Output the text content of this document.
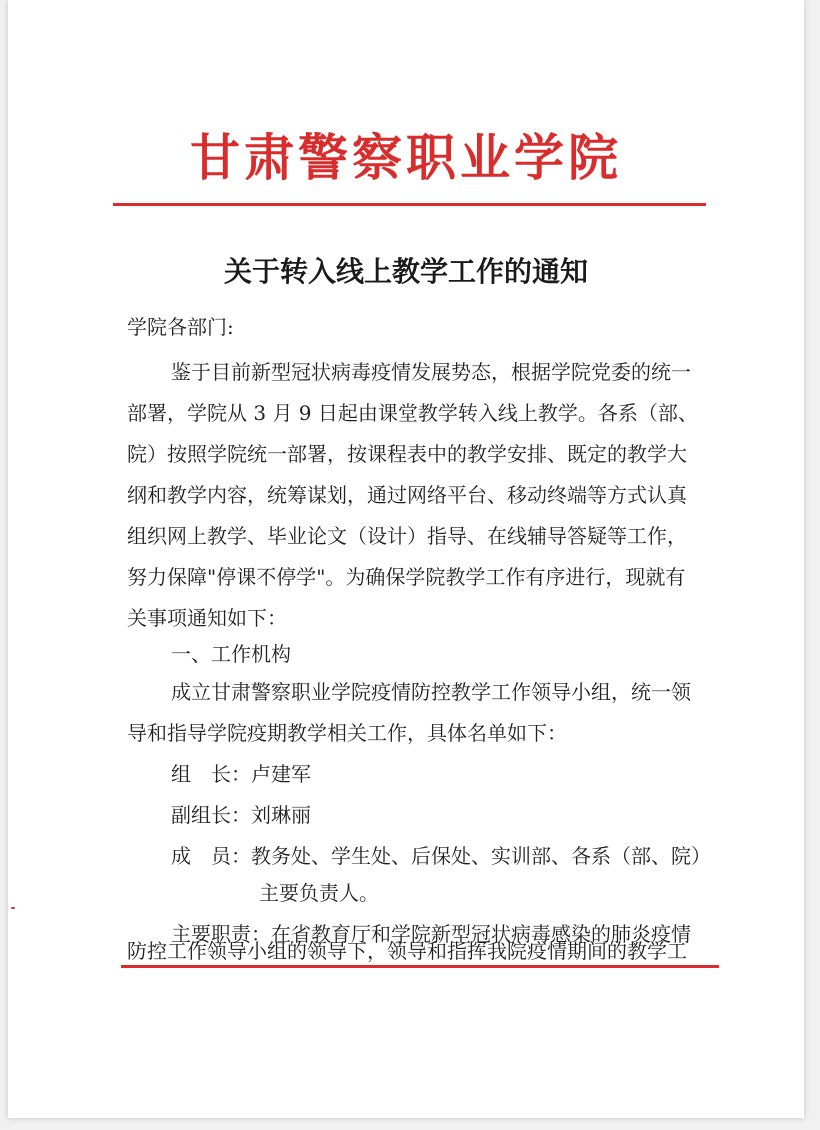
甘肃警察职业学院
关于转入线上教学工作的通知
学院各部门:
鉴于目前新型冠状病毒疫情发展势态，根据学院党委的统一
部署，学院从 3 月 9 日起由课堂教学转入线上教学。各系（部、
院）按照学院统一部署，按课程表中的教学安排、既定的教学大
纲和教学内容，统筹谋划，通过网络平台、移动终端等方式认真
组织网上教学、毕业论文（设计）指导、在线辅导答疑等工作，
努力保障"停课不停学"。为确保学院教学工作有序进行，现就有
关事项通知如下：
一、工作机构
成立甘肃警察职业学院疫情防控教学工作领导小组，统一领
导和指导学院疫期教学相关工作，具体名单如下：
组　长：卢建军
副组长：刘琳丽
成　员：教务处、学生处、后保处、实训部、各系（部、院）
主要负责人。
主要职责：在省教育厅和学院新型冠状病毒感染的肺炎疫情
防控工作领导小组的领导下，领导和指挥我院疫情期间的教学工
